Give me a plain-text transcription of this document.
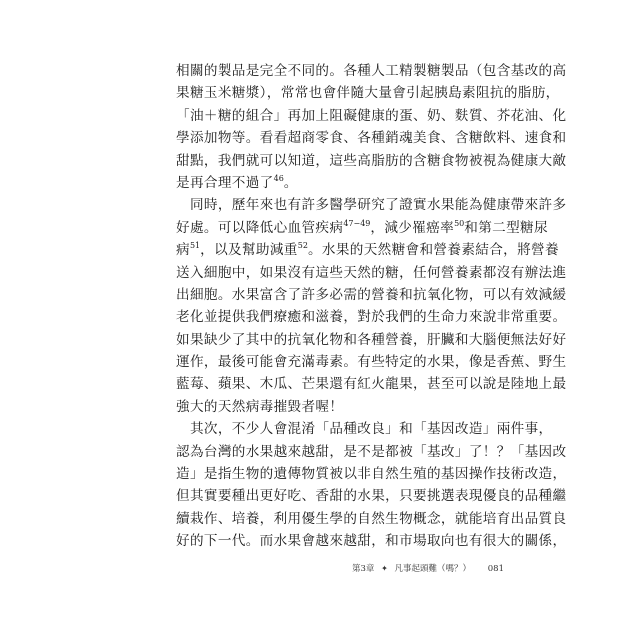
相關的製品是完全不同的。各種人工精製糖製品（包含基改的高
果糖玉米糖漿），常常也會伴隨大量會引起胰島素阻抗的脂肪，
「油＋糖的組合」再加上阻礙健康的蛋、奶、麩質、芥花油、化
學添加物等。看看超商零食、各種銷魂美食、含糖飲料、速食和
甜點，我們就可以知道，這些高脂肪的含糖食物被視為健康大敵
是再合理不過了$^{46}$。
　同時，歷年來也有許多醫學研究了證實水果能為健康帶來許多
好處。可以降低心血管疾病$^{47-49}$，減少罹癌率$^{50}$和第二型糖尿
病$^{51}$，以及幫助減重$^{52}$。水果的天然糖會和營養素結合，將營養
送入細胞中，如果沒有這些天然的糖，任何營養素都沒有辦法進
出細胞。水果富含了許多必需的營養和抗氧化物，可以有效減緩
老化並提供我們療癒和滋養，對於我們的生命力來說非常重要。
如果缺少了其中的抗氧化物和各種營養，肝臟和大腦便無法好好
運作，最後可能會充滿毒素。有些特定的水果，像是香蕉、野生
藍莓、蘋果、木瓜、芒果還有紅火龍果，甚至可以說是陸地上最
強大的天然病毒摧毀者喔！
　其次，不少人會混淆「品種改良」和「基因改造」兩件事，
認為台灣的水果越來越甜，是不是都被「基改」了！？「基因改
造」是指生物的遺傳物質被以非自然生殖的基因操作技術改造，
但其實要種出更好吃、香甜的水果，只要挑選表現優良的品種繼
續栽作、培養，利用優生學的自然生物概念，就能培育出品質良
好的下一代。而水果會越來越甜，和市場取向也有很大的關係，
第3章 ✦ 凡事起頭難（嗎？） 081
